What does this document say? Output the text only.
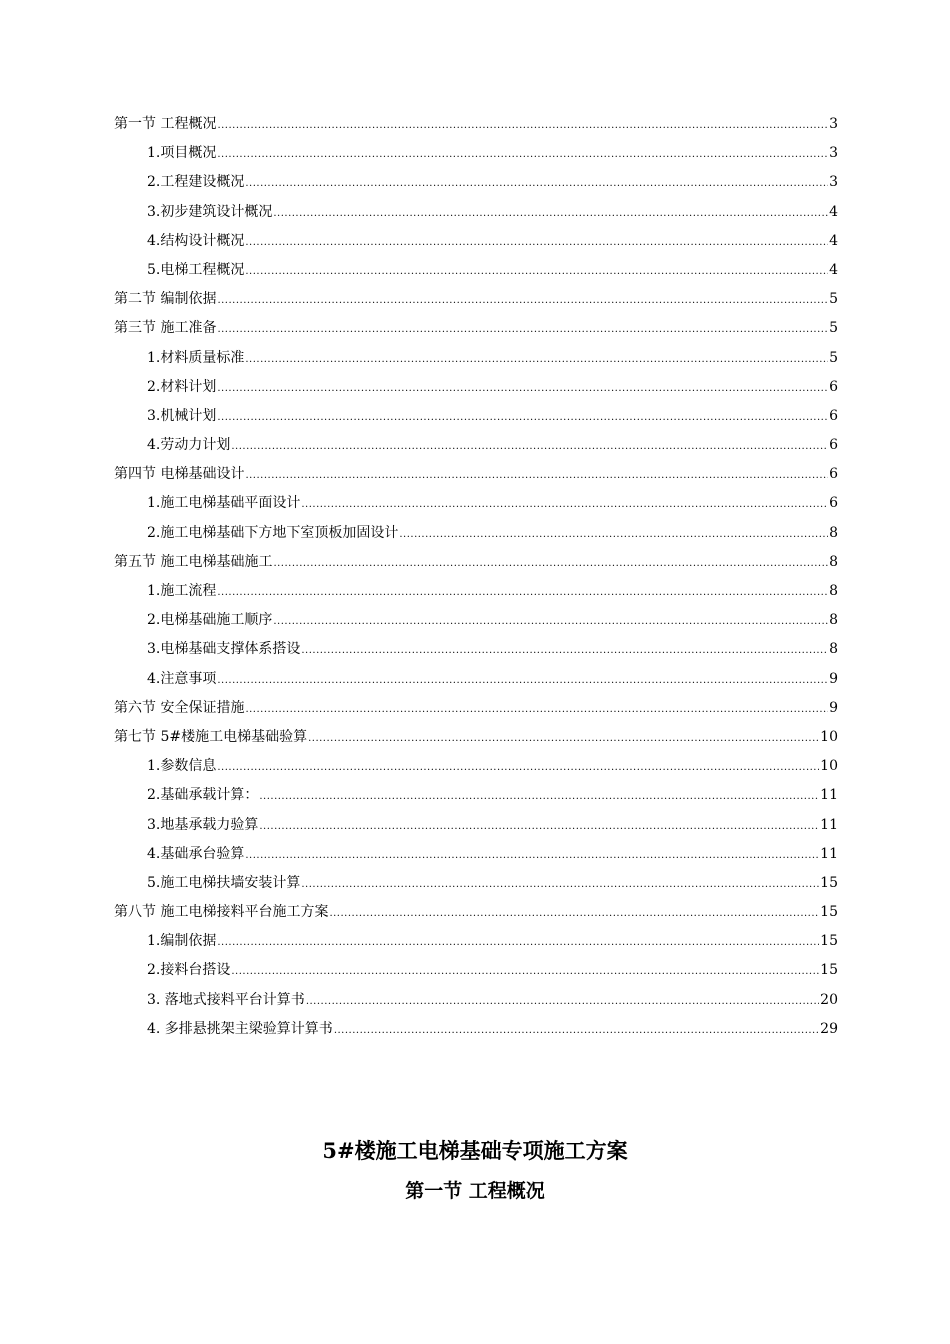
第一节 工程概况 .....	3
1.项目概况 .....	3
2.工程建设概况 .....	3
3.初步建筑设计概况 .....	4
4.结构设计概况 .....	4
5.电梯工程概况 .....	4
第二节 编制依据 .....	5
第三节 施工准备 .....	5
1.材料质量标准 .....	5
2.材料计划 .....	6
3.机械计划 .....	6
4.劳动力计划 .....	6
第四节 电梯基础设计 .....	6
1.施工电梯基础平面设计 .....	6
2.施工电梯基础下方地下室顶板加固设计 .....	8
第五节 施工电梯基础施工 .....	8
1.施工流程 .....	8
2.电梯基础施工顺序 .....	8
3.电梯基础支撑体系搭设 .....	8
4.注意事项 .....	9
第六节 安全保证措施 .....	9
第七节 5#楼施工电梯基础验算 .....	10
1.参数信息 .....	10
2.基础承载计算： .....	11
3.地基承载力验算 .....	11
4.基础承台验算 .....	11
5.施工电梯扶墙安装计算 .....	15
第八节 施工电梯接料平台施工方案 .....	15
1.编制依据 .....	15
2.接料台搭设 .....	15
3. 落地式接料平台计算书 .....	20
4. 多排悬挑架主梁验算计算书 .....	29
5#楼施工电梯基础专项施工方案
第一节 工程概况
